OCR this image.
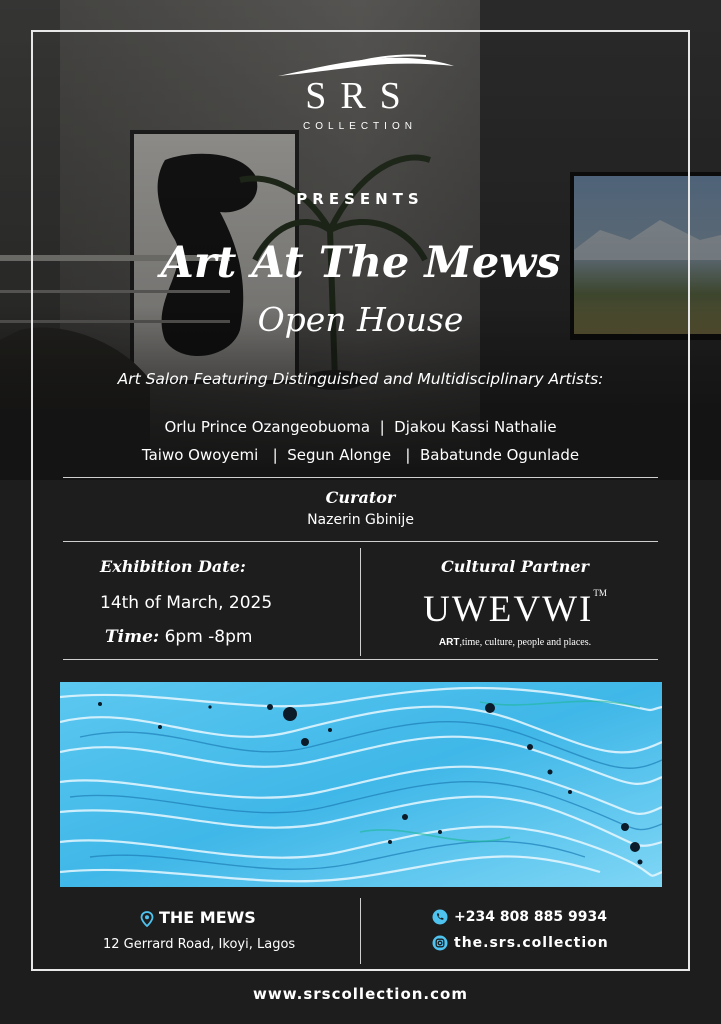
SRS
COLLECTION
PRESENTS
Art At The Mews
Open House
Art Salon Featuring Distinguished and Multidisciplinary Artists:
Orlu Prince Ozangeobuoma  |  Djakou Kassi Nathalie
Taiwo Owoyemi   |  Segun Alonge   |  Babatunde Ogunlade
Curator
Nazerin Gbinije
Exhibition Date:
14th of March, 2025
Time: 6pm -8pm
Cultural Partner
UWEVWI™
ART,time, culture, people and places.
THE MEWS
12 Gerrard Road, Ikoyi, Lagos
+234 808 885 9934
the.srs.collection
www.srscollection.com
